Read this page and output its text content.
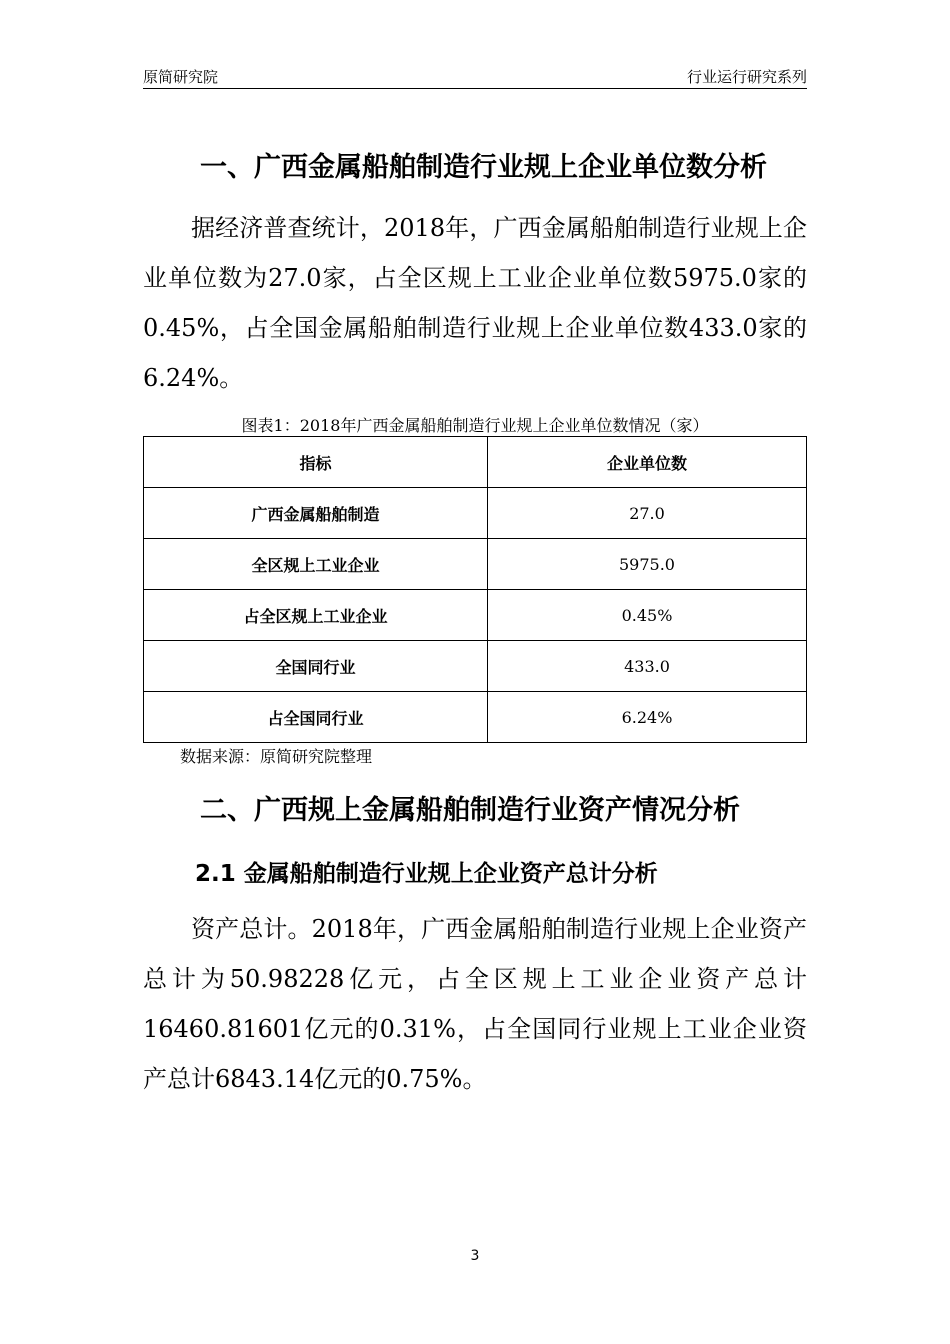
原简研究院	行业运行研究系列
一、广西金属船舶制造行业规上企业单位数分析
据经济普查统计，2018年，广西金属船舶制造行业规上企业单位数为27.0家，占全区规上工业企业单位数5975.0家的0.45%，占全国金属船舶制造行业规上企业单位数433.0家的6.24%。
图表1：2018年广西金属船舶制造行业规上企业单位数情况（家）
指标	企业单位数
广西金属船舶制造	27.0
全区规上工业企业	5975.0
占全区规上工业企业	0.45%
全国同行业	433.0
占全国同行业	6.24%
数据来源：原简研究院整理
二、广西规上金属船舶制造行业资产情况分析
2.1 金属船舶制造行业规上企业资产总计分析
资产总计。2018年，广西金属船舶制造行业规上企业资产总计为50.98228亿元，占全区规上工业企业资产总计16460.81601亿元的0.31%，占全国同行业规上工业企业资产总计6843.14亿元的0.75%。
3
